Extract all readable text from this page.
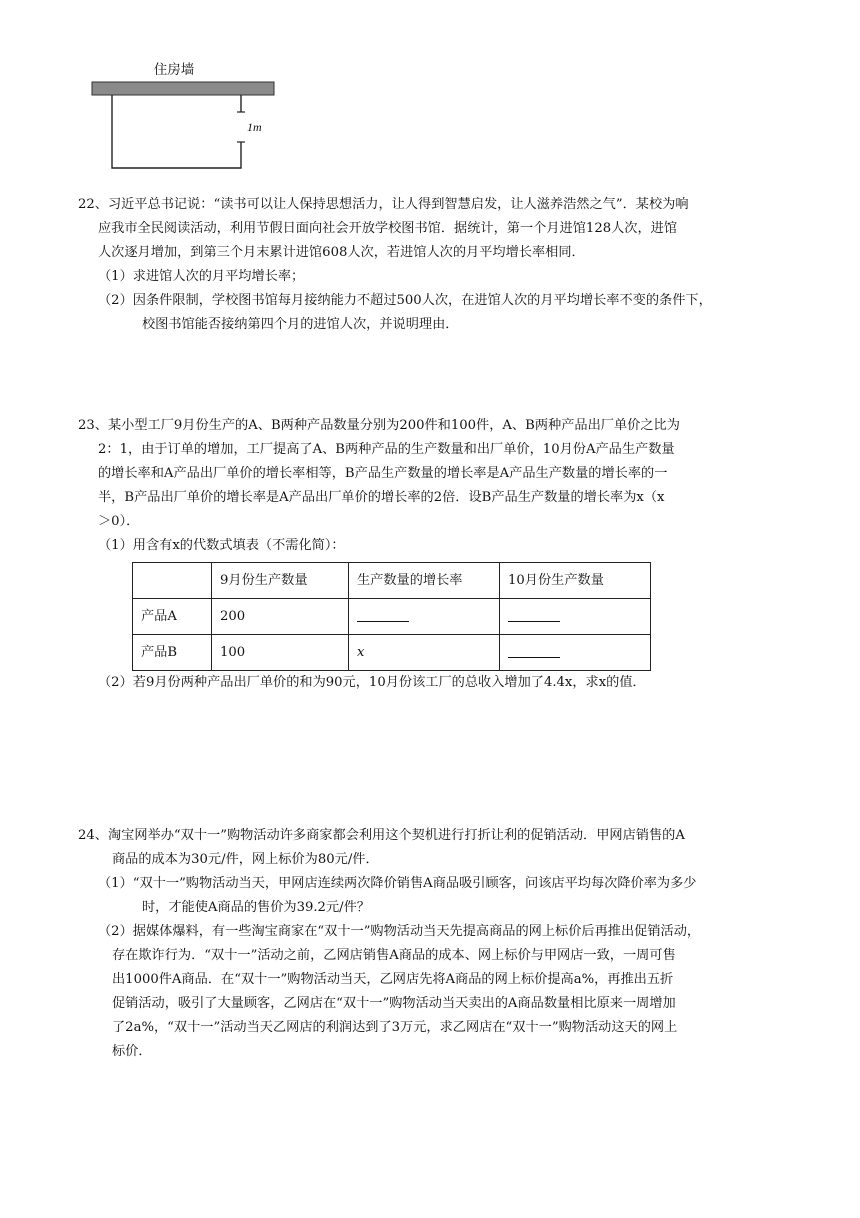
住房墙
1m
22、习近平总书记说：“读书可以让人保持思想活力，让人得到智慧启发，让人滋养浩然之气”．某校为响
应我市全民阅读活动，利用节假日面向社会开放学校图书馆．据统计，第一个月进馆128人次，进馆
人次逐月增加，到第三个月末累计进馆608人次，若进馆人次的月平均增长率相同．
（1）求进馆人次的月平均增长率；
（2）因条件限制，学校图书馆每月接纳能力不超过500人次，在进馆人次的月平均增长率不变的条件下，
校图书馆能否接纳第四个月的进馆人次，并说明理由．
23、某小型工厂9月份生产的A、B两种产品数量分别为200件和100件，A、B两种产品出厂单价之比为
2：1，由于订单的增加，工厂提高了A、B两种产品的生产数量和出厂单价，10月份A产品生产数量
的增长率和A产品出厂单价的增长率相等，B产品生产数量的增长率是A产品生产数量的增长率的一
半，B产品出厂单价的增长率是A产品出厂单价的增长率的2倍．设B产品生产数量的增长率为x（x
＞0）．
（1）用含有x的代数式填表（不需化简）：
	9月份生产数量	生产数量的增长率	10月份生产数量
产品A	200		
产品B	100	x	
（2）若9月份两种产品出厂单价的和为90元，10月份该工厂的总收入增加了4.4x，求x的值．
24、淘宝网举办“双十一”购物活动许多商家都会利用这个契机进行打折让利的促销活动．甲网店销售的A
商品的成本为30元/件，网上标价为80元/件．
（1）“双十一”购物活动当天，甲网店连续两次降价销售A商品吸引顾客，问该店平均每次降价率为多少
时，才能使A商品的售价为39.2元/件？
（2）据媒体爆料，有一些淘宝商家在“双十一”购物活动当天先提高商品的网上标价后再推出促销活动，
存在欺诈行为．“双十一”活动之前，乙网店销售A商品的成本、网上标价与甲网店一致，一周可售
出1000件A商品．在“双十一”购物活动当天，乙网店先将A商品的网上标价提高a%，再推出五折
促销活动，吸引了大量顾客，乙网店在“双十一”购物活动当天卖出的A商品数量相比原来一周增加
了2a%，“双十一”活动当天乙网店的利润达到了3万元，求乙网店在“双十一”购物活动这天的网上
标价．
